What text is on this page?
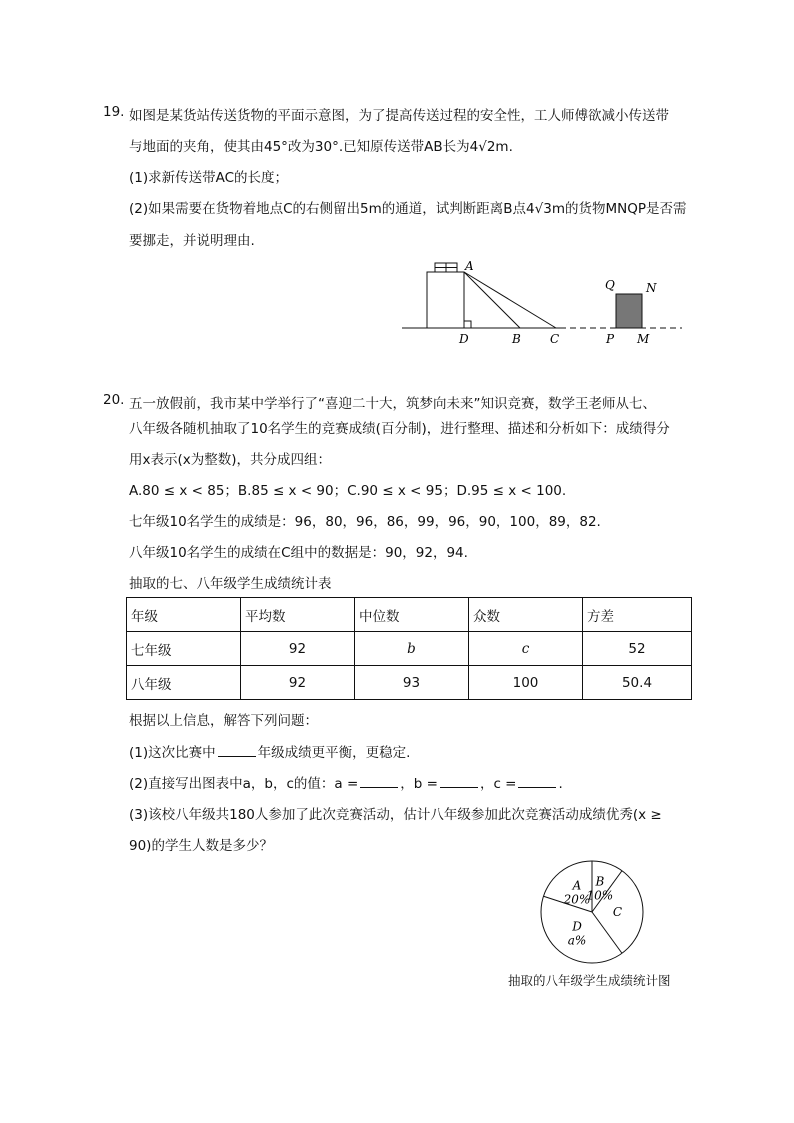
19. 如图是某货站传送货物的平面示意图，为了提高传送过程的安全性，工人师傅欲减小传送带
与地面的夹角，使其由45°改为30°.已知原传送带AB长为4√2m.
(1)求新传送带AC的长度；
(2)如果需要在货物着地点C的右侧留出5m的通道，试判断距离B点4√3m的货物MNQP是否需
要挪走，并说明理由.
A
D	B C
Q	N
P M
20. 五一放假前，我市某中学举行了“喜迎二十大，筑梦向未来”知识竞赛，数学王老师从七、
八年级各随机抽取了10名学生的竞赛成绩(百分制)，进行整理、描述和分析如下：成绩得分
用x表示(x为整数)，共分成四组：
A.80 ≤ x < 85；B.85 ≤ x < 90；C.90 ≤ x < 95；D.95 ≤ x < 100.
七年级10名学生的成绩是：96，80，96，86，99，96，90，100，89，82.
八年级10名学生的成绩在C组中的数据是：90，92，94.
抽取的七、八年级学生成绩统计表
年级	平均数	中位数	众数	方差
七年级	92	b	c	52
八年级	92	93	100	50.4
根据以上信息，解答下列问题：
(1)这次比赛中	年级成绩更平衡，更稳定.
(2)直接写出图表中a，b，c的值：a =	，b =	，c =	.
(3)该校八年级共180人参加了此次竞赛活动，估计八年级参加此次竞赛活动成绩优秀(x ≥
90)的学生人数是多少？
B
10%
C
D
a%
A
20%
抽取的八年级学生成绩统计图
